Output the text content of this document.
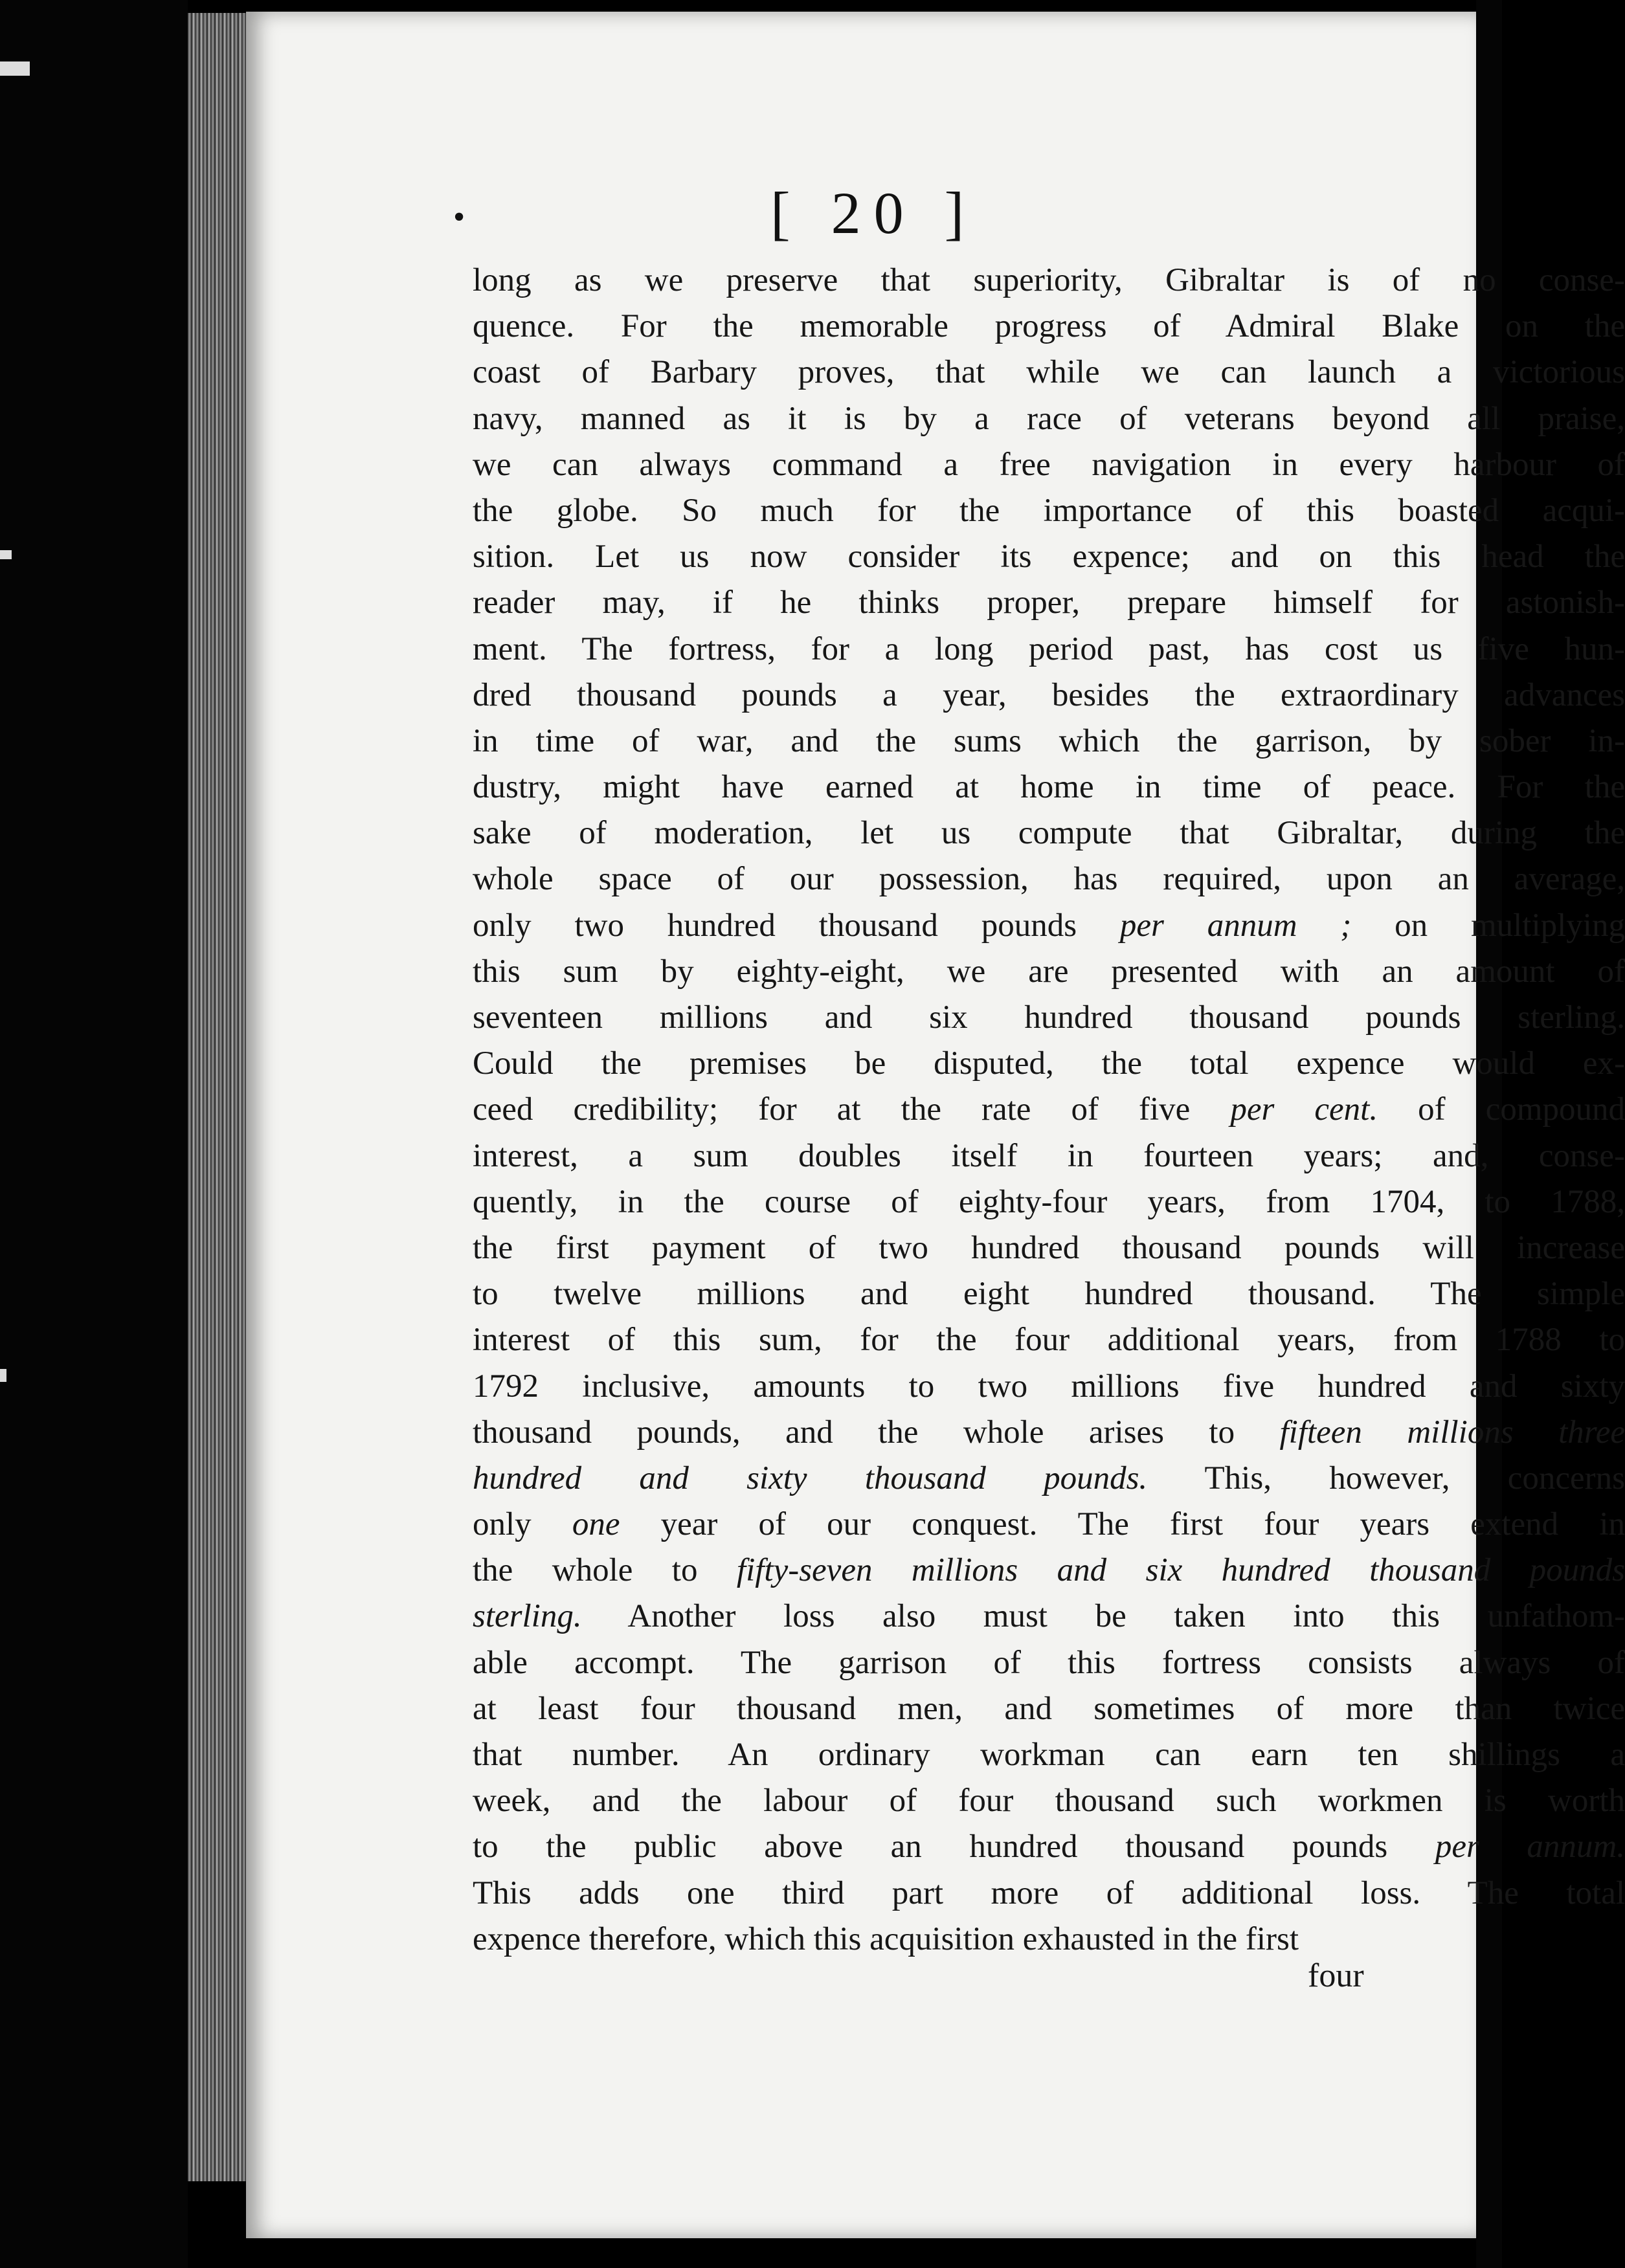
•	[ 20 ]
long as we preserve that superiority, Gibraltar is of no conse-
quence. For the memorable progress of Admiral Blake on the
coast of Barbary proves, that while we can launch a victorious
navy, manned as it is by a race of veterans beyond all praise,
we can always command a free navigation in every harbour of
the globe. So much for the importance of this boasted acqui-
sition. Let us now consider its expence; and on this head the
reader may, if he thinks proper, prepare himself for astonish-
ment. The fortress, for a long period past, has cost us five hun-
dred thousand pounds a year, besides the extraordinary advances
in time of war, and the sums which the garrison, by sober in-
dustry, might have earned at home in time of peace. For the
sake of moderation, let us compute that Gibraltar, during the
whole space of our possession, has required, upon an average,
only two hundred thousand pounds per annum ; on multiplying
this sum by eighty-eight, we are presented with an amount of
seventeen millions and six hundred thousand pounds sterling.
Could the premises be disputed, the total expence would ex-
ceed credibility; for at the rate of five per cent. of compound
interest, a sum doubles itself in fourteen years; and, conse-
quently, in the course of eighty-four years, from 1704, to 1788,
the first payment of two hundred thousand pounds will increase
to twelve millions and eight hundred thousand. The simple
interest of this sum, for the four additional years, from 1788 to
1792 inclusive, amounts to two millions five hundred and sixty
thousand pounds, and the whole arises to fifteen millions three
hundred and sixty thousand pounds. This, however, concerns
only one year of our conquest. The first four years extend in
the whole to fifty-seven millions and six hundred thousand pounds
sterling. Another loss also must be taken into this unfathom-
able accompt. The garrison of this fortress consists always of
at least four thousand men, and sometimes of more than twice
that number. An ordinary workman can earn ten shillings a
week, and the labour of four thousand such workmen is worth
to the public above an hundred thousand pounds per annum.
This adds one third part more of additional loss. The total
expence therefore, which this acquisition exhausted in the first
four
